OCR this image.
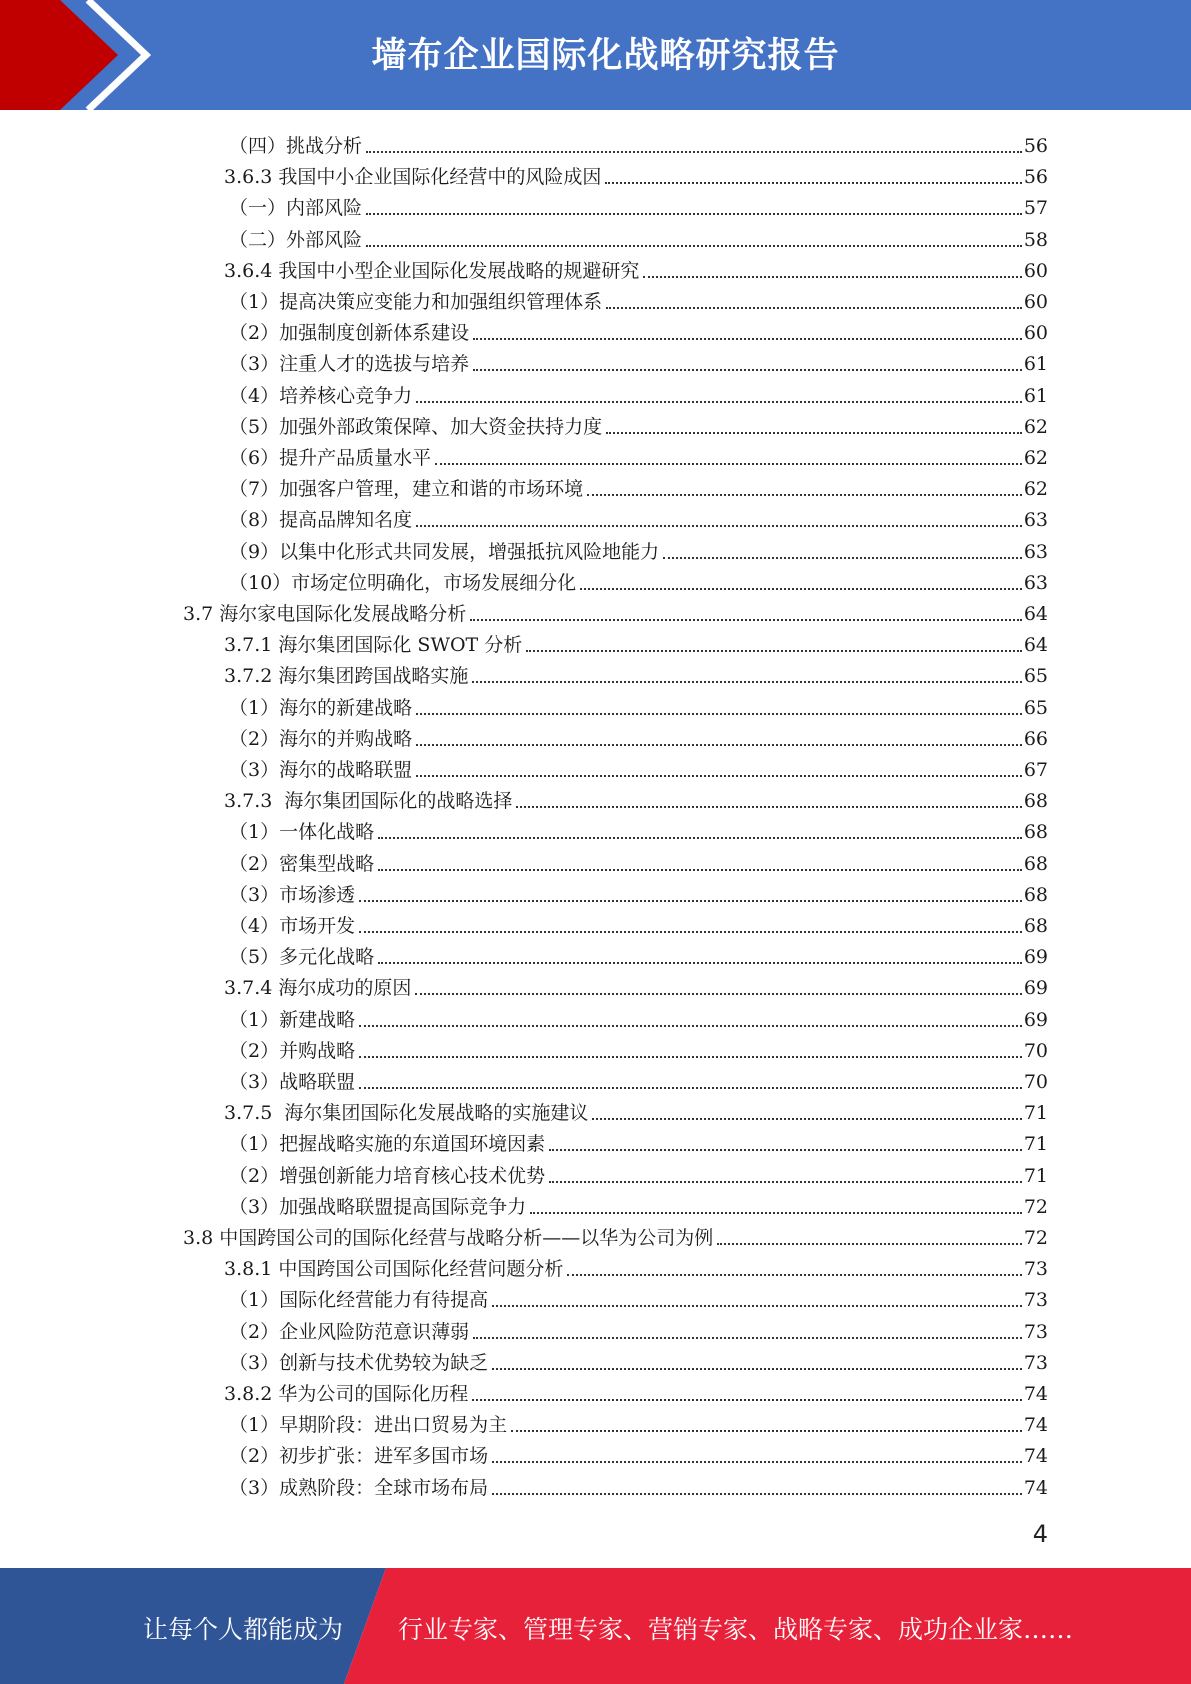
墙布企业国际化战略研究报告
（四）挑战分析	56
3.6.3 我国中小企业国际化经营中的风险成因	56
（一）内部风险	57
（二）外部风险	58
3.6.4 我国中小型企业国际化发展战略的规避研究	60
（1）提高决策应变能力和加强组织管理体系	60
（2）加强制度创新体系建设	60
（3）注重人才的选拔与培养	61
（4）培养核心竞争力	61
（5）加强外部政策保障、加大资金扶持力度	62
（6）提升产品质量水平	62
（7）加强客户管理，建立和谐的市场环境	62
（8）提高品牌知名度	63
（9）以集中化形式共同发展，增强抵抗风险地能力	63
（10）市场定位明确化，市场发展细分化	63
3.7 海尔家电国际化发展战略分析	64
3.7.1 海尔集团国际化 SWOT 分析	64
3.7.2 海尔集团跨国战略实施	65
（1）海尔的新建战略	65
（2）海尔的并购战略	66
（3）海尔的战略联盟	67
3.7.3  海尔集团国际化的战略选择	68
（1）一体化战略	68
（2）密集型战略	68
（3）市场渗透	68
（4）市场开发	68
（5）多元化战略	69
3.7.4 海尔成功的原因	69
（1）新建战略	69
（2）并购战略	70
（3）战略联盟	70
3.7.5  海尔集团国际化发展战略的实施建议	71
（1）把握战略实施的东道国环境因素	71
（2）增强创新能力培育核心技术优势	71
（3）加强战略联盟提高国际竞争力	72
3.8 中国跨国公司的国际化经营与战略分析——以华为公司为例	72
3.8.1 中国跨国公司国际化经营问题分析	73
（1）国际化经营能力有待提高	73
（2）企业风险防范意识薄弱	73
（3）创新与技术优势较为缺乏	73
3.8.2 华为公司的国际化历程	74
（1）早期阶段：进出口贸易为主	74
（2）初步扩张：进军多国市场	74
（3）成熟阶段：全球市场布局	74
4
让每个人都能成为 行业专家、管理专家、营销专家、战略专家、成功企业家……
